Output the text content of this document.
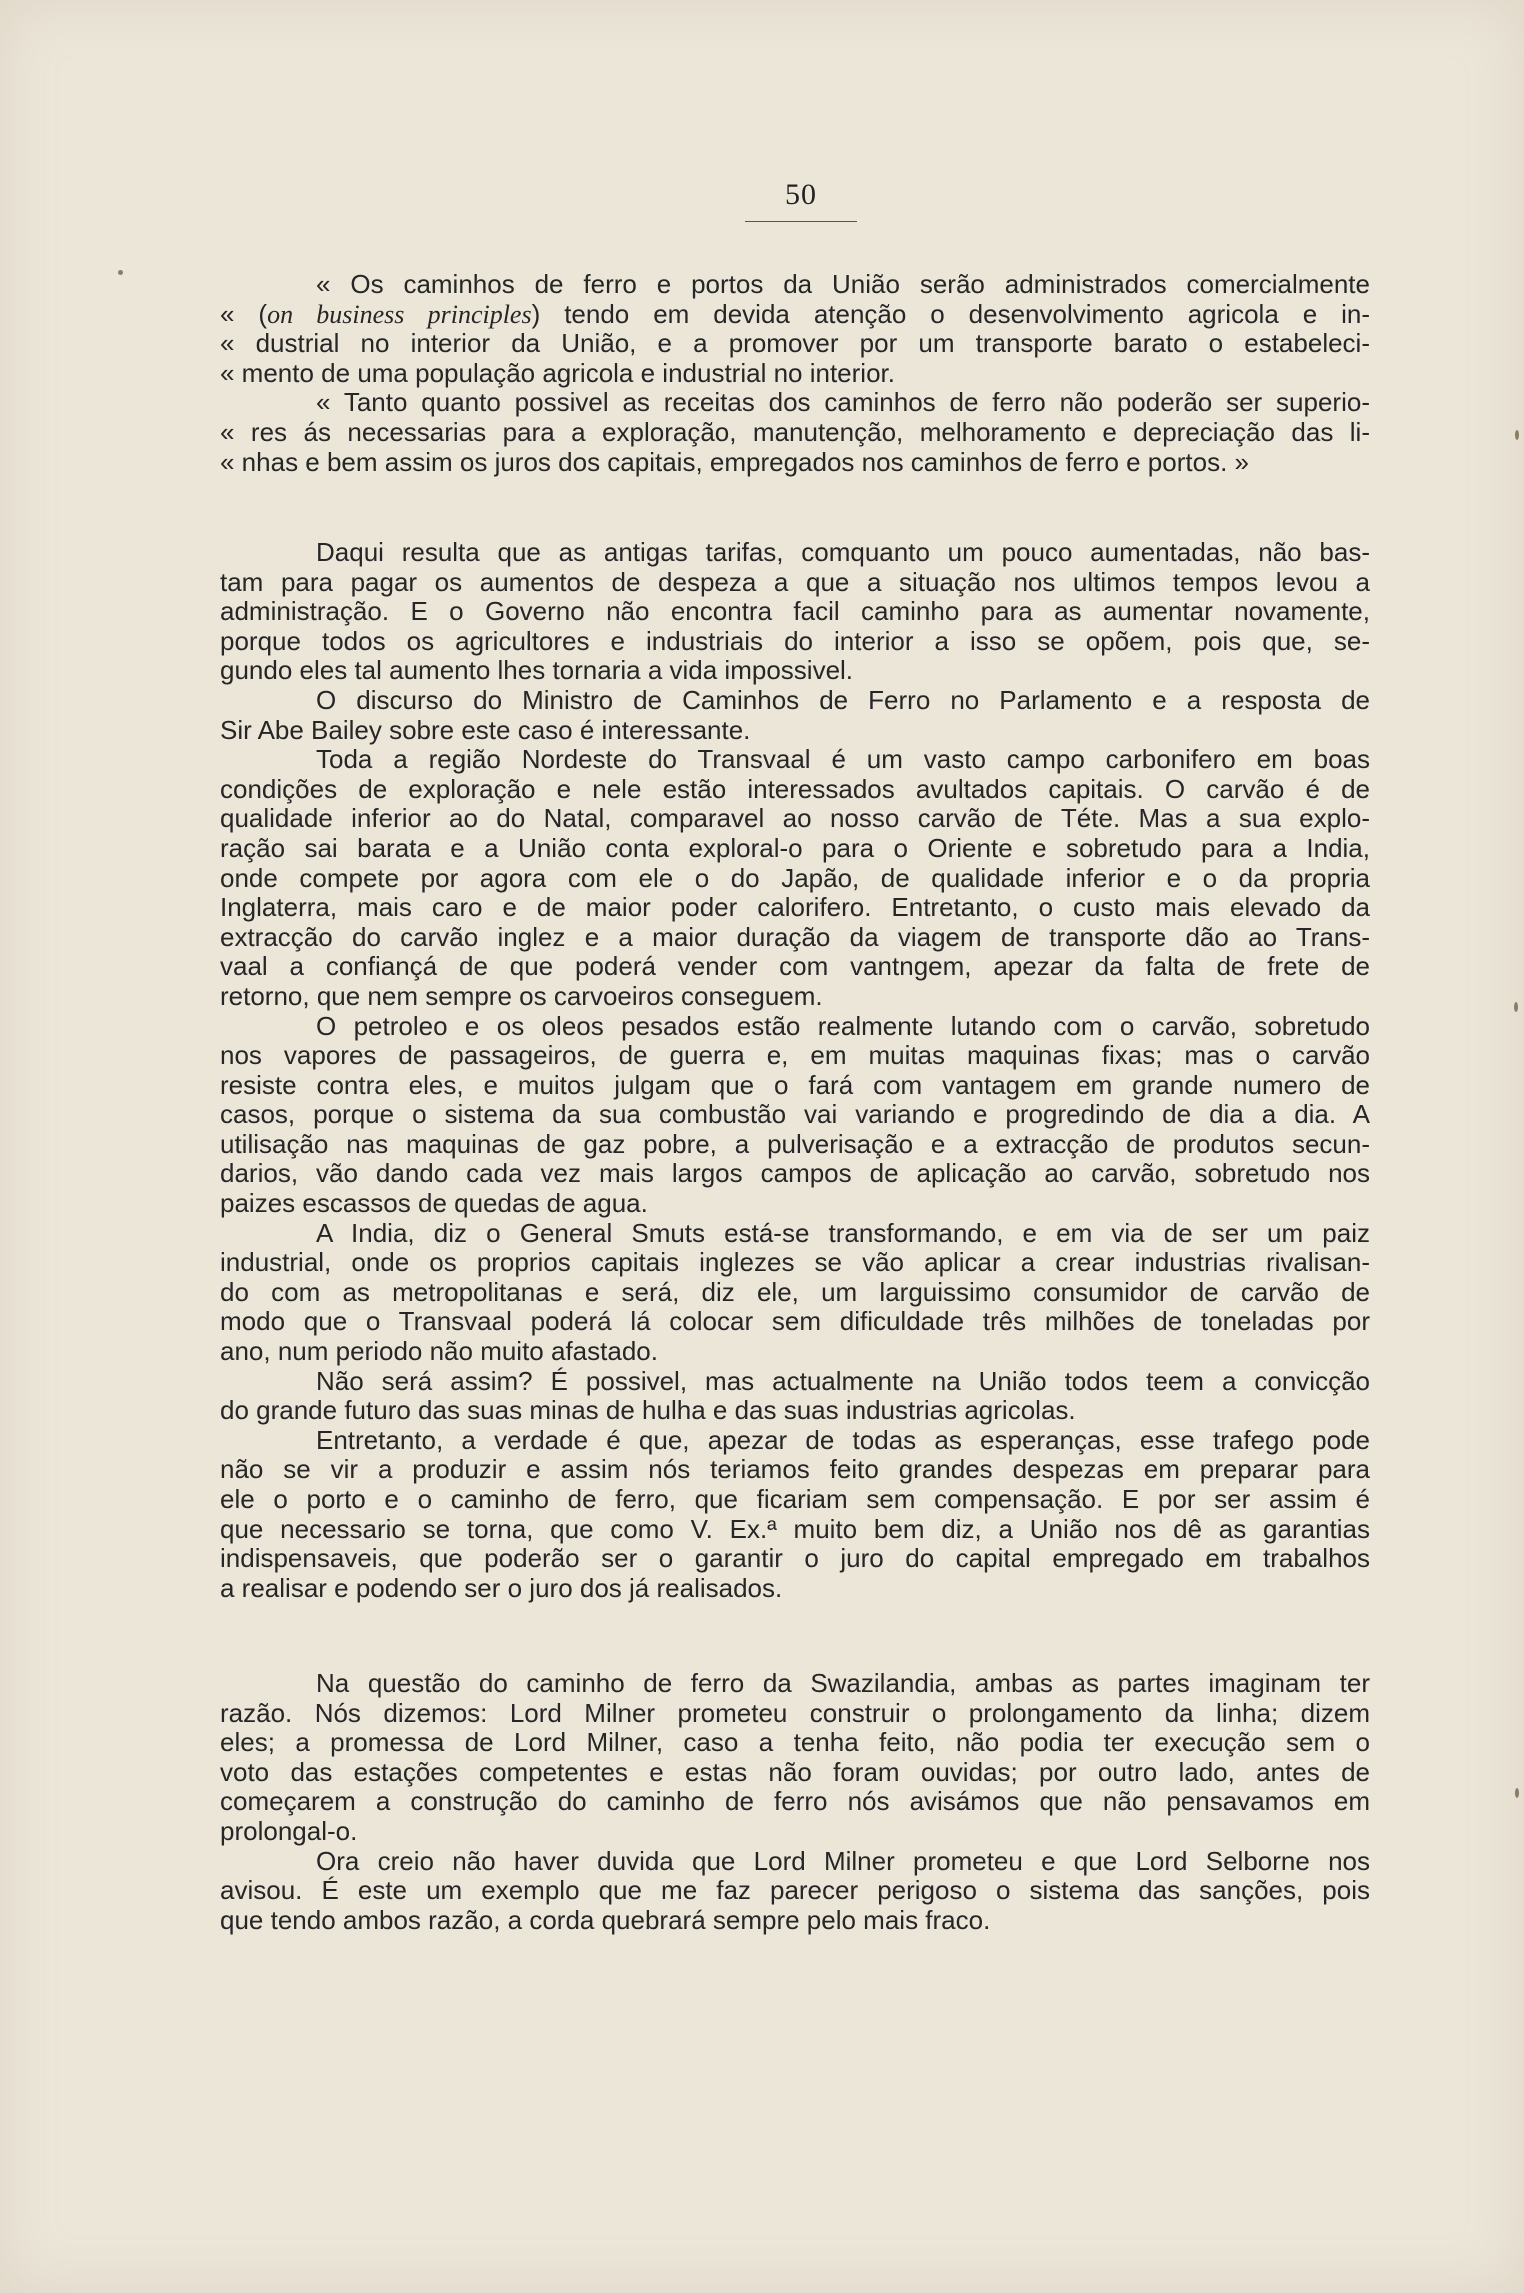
50
« Os caminhos de ferro e portos da União serão administrados comercialmente
« (on business principles) tendo em devida atenção o desenvolvimento agricola e in-
« dustrial no interior da União, e a promover por um transporte barato o estabeleci-
« mento de uma população agricola e industrial no interior.
« Tanto quanto possivel as receitas dos caminhos de ferro não poderão ser superio-
« res ás necessarias para a exploração, manutenção, melhoramento e depreciação das li-
« nhas e bem assim os juros dos capitais, empregados nos caminhos de ferro e portos. »
Daqui resulta que as antigas tarifas, comquanto um pouco aumentadas, não bas-
tam para pagar os aumentos de despeza a que a situação nos ultimos tempos levou a
administração. E o Governo não encontra facil caminho para as aumentar novamente,
porque todos os agricultores e industriais do interior a isso se opõem, pois que, se-
gundo eles tal aumento lhes tornaria a vida impossivel.
O discurso do Ministro de Caminhos de Ferro no Parlamento e a resposta de
Sir Abe Bailey sobre este caso é interessante.
Toda a região Nordeste do Transvaal é um vasto campo carbonifero em boas
condições de exploração e nele estão interessados avultados capitais. O carvão é de
qualidade inferior ao do Natal, comparavel ao nosso carvão de Téte. Mas a sua explo-
ração sai barata e a União conta exploral-o para o Oriente e sobretudo para a India,
onde compete por agora com ele o do Japão, de qualidade inferior e o da propria
Inglaterra, mais caro e de maior poder calorifero. Entretanto, o custo mais elevado da
extracção do carvão inglez e a maior duração da viagem de transporte dão ao Trans-
vaal a confiançá de que poderá vender com vantngem, apezar da falta de frete de
retorno, que nem sempre os carvoeiros conseguem.
O petroleo e os oleos pesados estão realmente lutando com o carvão, sobretudo
nos vapores de passageiros, de guerra e, em muitas maquinas fixas; mas o carvão
resiste contra eles, e muitos julgam que o fará com vantagem em grande numero de
casos, porque o sistema da sua combustão vai variando e progredindo de dia a dia. A
utilisação nas maquinas de gaz pobre, a pulverisação e a extracção de produtos secun-
darios, vão dando cada vez mais largos campos de aplicação ao carvão, sobretudo nos
paizes escassos de quedas de agua.
A India, diz o General Smuts está-se transformando, e em via de ser um paiz
industrial, onde os proprios capitais inglezes se vão aplicar a crear industrias rivalisan-
do com as metropolitanas e será, diz ele, um larguissimo consumidor de carvão de
modo que o Transvaal poderá lá colocar sem dificuldade três milhões de toneladas por
ano, num periodo não muito afastado.
Não será assim? É possivel, mas actualmente na União todos teem a convicção
do grande futuro das suas minas de hulha e das suas industrias agricolas.
Entretanto, a verdade é que, apezar de todas as esperanças, esse trafego pode
não se vir a produzir e assim nós teriamos feito grandes despezas em preparar para
ele o porto e o caminho de ferro, que ficariam sem compensação. E por ser assim é
que necessario se torna, que como V. Ex.ª muito bem diz, a União nos dê as garantias
indispensaveis, que poderão ser o garantir o juro do capital empregado em trabalhos
a realisar e podendo ser o juro dos já realisados.
Na questão do caminho de ferro da Swazilandia, ambas as partes imaginam ter
razão. Nós dizemos: Lord Milner prometeu construir o prolongamento da linha; dizem
eles; a promessa de Lord Milner, caso a tenha feito, não podia ter execução sem o
voto das estações competentes e estas não foram ouvidas; por outro lado, antes de
começarem a construção do caminho de ferro nós avisámos que não pensavamos em
prolongal-o.
Ora creio não haver duvida que Lord Milner prometeu e que Lord Selborne nos
avisou. É este um exemplo que me faz parecer perigoso o sistema das sanções, pois
que tendo ambos razão, a corda quebrará sempre pelo mais fraco.
